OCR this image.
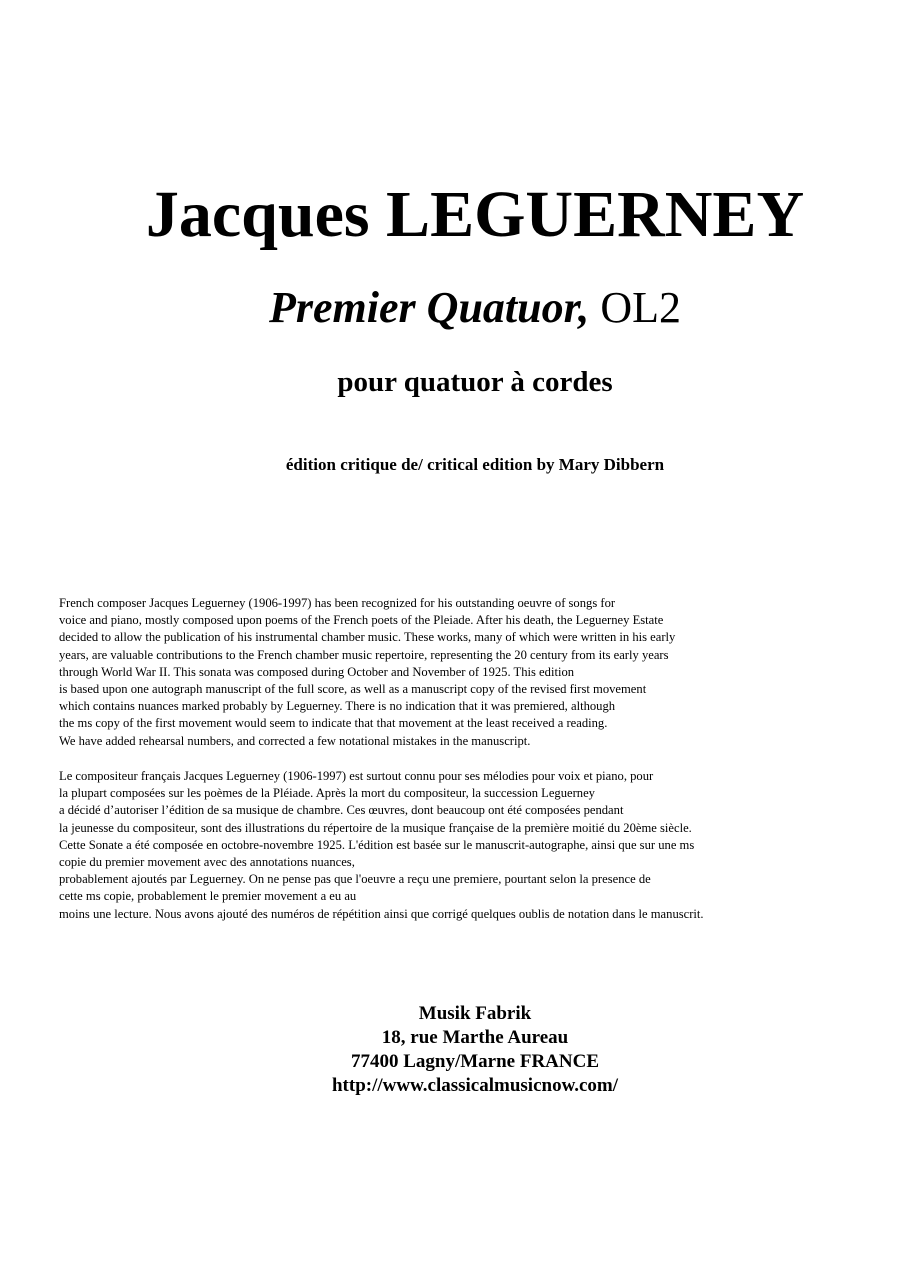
Jacques LEGUERNEY
Premier Quatuor, OL2
pour quatuor à cordes
édition critique de/ critical edition by Mary Dibbern
French composer Jacques Leguerney (1906-1997) has been recognized for his outstanding oeuvre of songs for
voice and piano, mostly composed upon poems of the French poets of the Pleiade. After his death, the Leguerney Estate
decided to allow the publication of his instrumental chamber music. These works, many of which were written in his early
years, are valuable contributions to the French chamber music repertoire, representing the 20 century from its early years
through World War II. This sonata was composed during October and November of 1925. This edition
is based upon one autograph manuscript of the full score, as well as a manuscript copy of the revised first movement
which contains nuances marked probably by Leguerney. There is no indication that it was premiered, although
the ms copy of the first movement would seem to indicate that that movement at the least received a reading.
We have added rehearsal numbers, and corrected a few notational mistakes in the manuscript.
Le compositeur français Jacques Leguerney (1906-1997) est surtout connu pour ses mélodies pour voix et piano, pour
la plupart composées sur les poèmes de la Pléiade. Après la mort du compositeur, la succession Leguerney
a décidé d’autoriser l’édition de sa musique de chambre. Ces œuvres, dont beaucoup ont été composées pendant
la jeunesse du compositeur, sont des illustrations du répertoire de la musique française de la première moitié du 20ème siècle.
Cette Sonate a été composée en octobre-novembre 1925. L'édition est basée sur le manuscrit-autographe, ainsi que sur une ms
copie du premier movement avec des annotations nuances,
probablement ajoutés par Leguerney. On ne pense pas que l'oeuvre a reçu une premiere, pourtant selon la presence de
cette ms copie, probablement le premier movement a eu au
moins une lecture. Nous avons ajouté des numéros de répétition ainsi que corrigé quelques oublis de notation dans le manuscrit.
Musik Fabrik
18, rue Marthe Aureau
77400 Lagny/Marne FRANCE
http://www.classicalmusicnow.com/
